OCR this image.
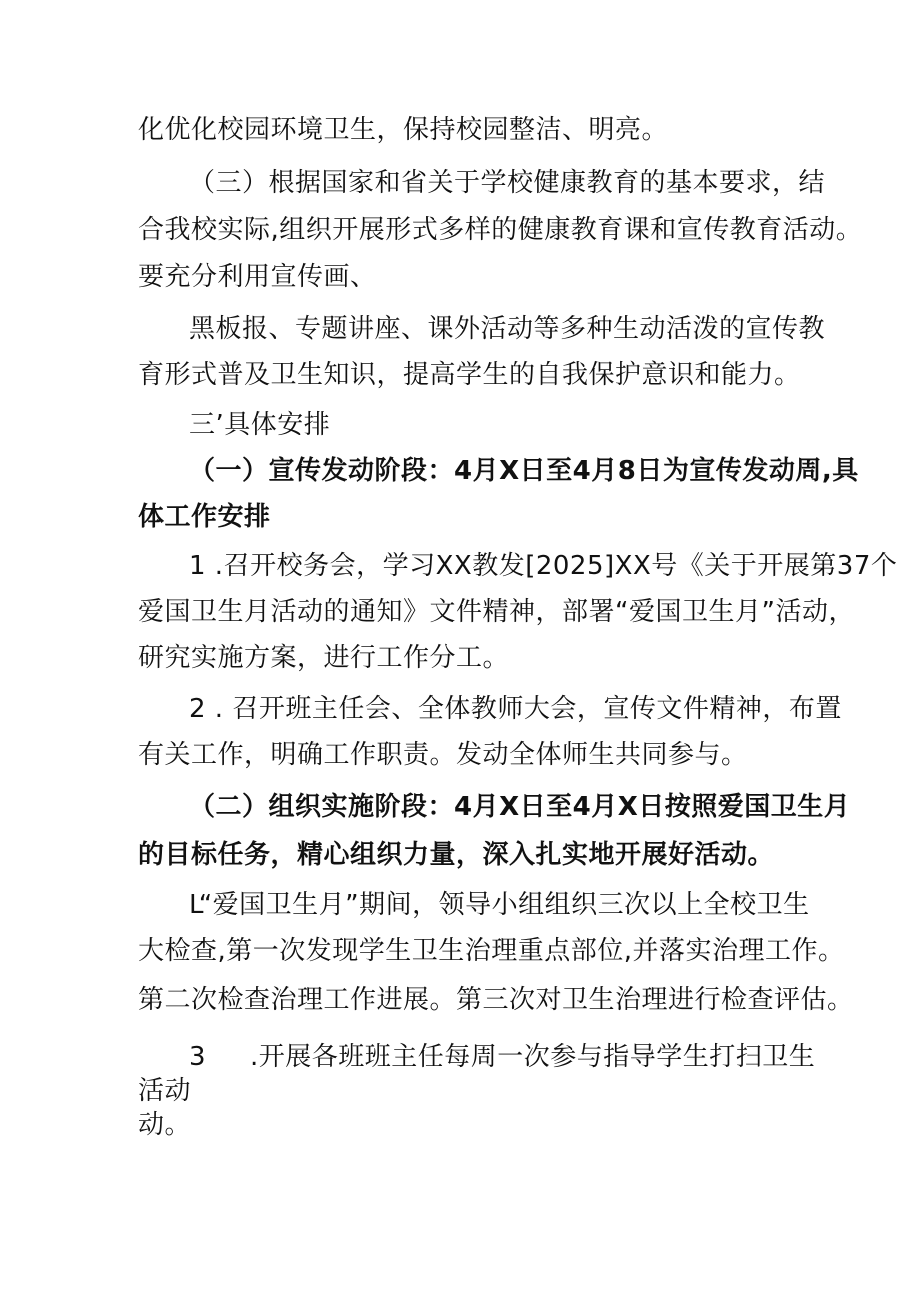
化优化校园环境卫生，保持校园整洁、明亮。
（三）根据国家和省关于学校健康教育的基本要求，结
合我校实际,组织开展形式多样的健康教育课和宣传教育活动。
要充分利用宣传画、
黑板报、专题讲座、课外活动等多种生动活泼的宣传教
育形式普及卫生知识，提高学生的自我保护意识和能力。
三’具体安排
（一）宣传发动阶段：4月X日至4月8日为宣传发动周,具
体工作安排
1 .召开校务会，学习XX教发[2025]XX号《关于开展第37个
爱国卫生月活动的通知》文件精神，部署“爱国卫生月”活动，
研究实施方案，进行工作分工。
2 . 召开班主任会、全体教师大会，宣传文件精神，布置
有关工作，明确工作职责。发动全体师生共同参与。
（二）组织实施阶段：4月X日至4月X日按照爱国卫生月
的目标任务，精心组织力量，深入扎实地开展好活动。
L“爱国卫生月”期间，领导小组组织三次以上全校卫生
大检查,第一次发现学生卫生治理重点部位,并落实治理工作。
第二次检查治理工作进展。第三次对卫生治理进行检查评估。
3 .开展各班班主任每周一次参与指导学生打扫卫生
活动
动。
